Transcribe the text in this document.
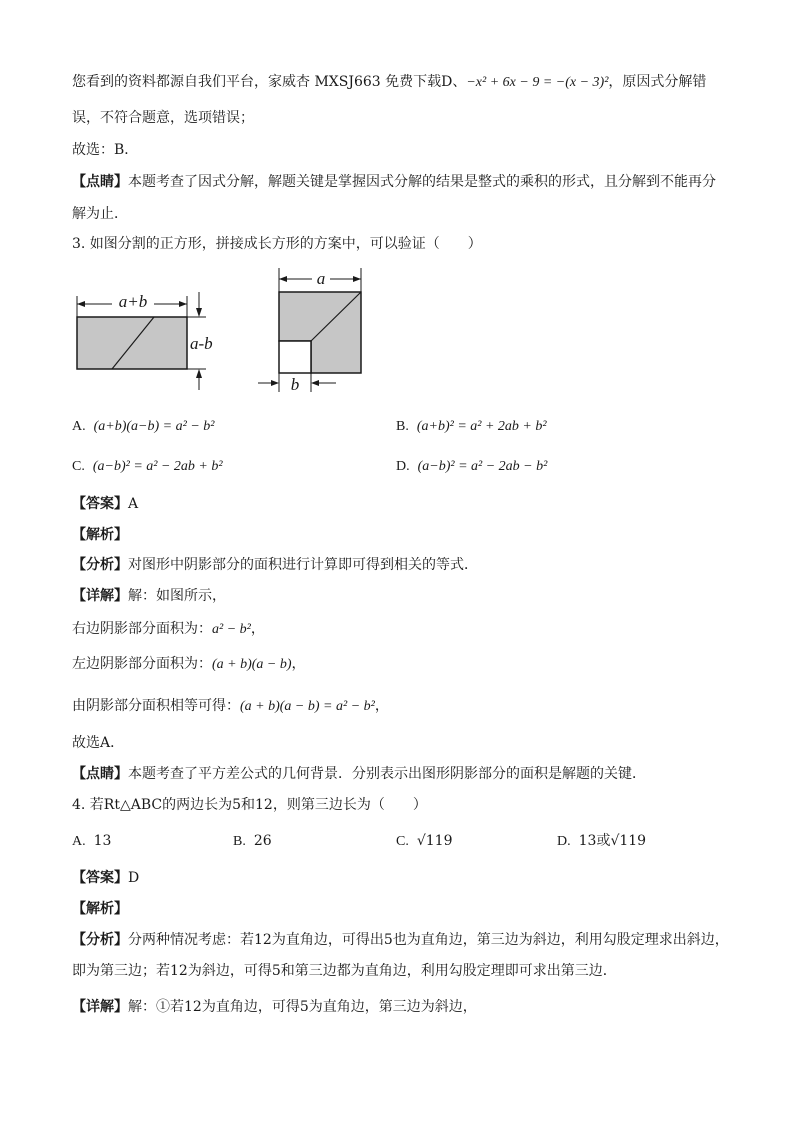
您看到的资料都源自我们平台，家威杏 MXSJ663 免费下载D、−x² + 6x − 9 = −(x − 3)²，原因式分解错
误，不符合题意，选项错误；
故选：B．
【点睛】本题考查了因式分解，解题关键是掌握因式分解的结果是整式的乘积的形式，且分解到不能再分
解为止．
3. 如图分割的正方形，拼接成长方形的方案中，可以验证（　　）
a+b
a-b
a
b
A. (a+b)(a−b) = a² − b²	B. (a+b)² = a² + 2ab + b²
C. (a−b)² = a² − 2ab + b²	D. (a−b)² = a² − 2ab − b²
【答案】A
【解析】
【分析】对图形中阴影部分的面积进行计算即可得到相关的等式．
【详解】解：如图所示，
右边阴影部分面积为：a² − b²，
左边阴影部分面积为：(a + b)(a − b)，
由阴影部分面积相等可得：(a + b)(a − b) = a² − b²，
故选A．
【点睛】本题考查了平方差公式的几何背景．分别表示出图形阴影部分的面积是解题的关键．
4. 若Rt△ABC的两边长为5和12，则第三边长为（　　）
A. 13	B. 26	C. √119	D. 13或√119
【答案】D
【解析】
【分析】分两种情况考虑：若12为直角边，可得出5也为直角边，第三边为斜边，利用勾股定理求出斜边，
即为第三边；若12为斜边，可得5和第三边都为直角边，利用勾股定理即可求出第三边．
【详解】解：①若12为直角边，可得5为直角边，第三边为斜边，
